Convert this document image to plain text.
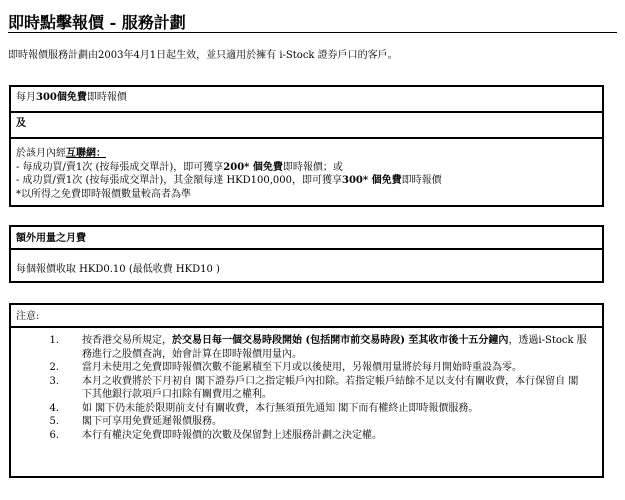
即時點擊報價 - 服務計劃
即時報價服務計劃由2003年4月1日起生效，並只適用於擁有 i-Stock 證券戶口的客戶。
每月300個免費即時報價
及
於該月內經互聯網：
- 每成功買/賣1次 (按每張成交單計)，即可獲享200* 個免費即時報價；或
- 成功買/賣1次 (按每張成交單計)，其金額每達 HKD100,000，即可獲享300* 個免費即時報價
*以所得之免費即時報價數量較高者為準
額外用量之月費
每個報價收取 HKD0.10 (最低收費 HKD10 )
注意:
1. 按香港交易所規定，於交易日每一個交易時段開始 (包括開市前交易時段) 至其收市後十五分鐘內，透過i-Stock 服務進行之股價查詢，始會計算在即時報價用量內。
2. 當月未使用之免費即時報價次數不能累積至下月或以後使用，另報價用量將於每月開始時重設為零。
3. 本月之收費將於下月初自 閣下證券戶口之指定帳戶內扣除。若指定帳戶結餘不足以支付有關收費，本行保留自 閣下其他銀行款項戶口扣除有關費用之權利。
4. 如 閣下仍未能於限期前支付有關收費，本行無須預先通知 閣下而有權終止即時報價服務。
5. 閣下可享用免費延遲報價服務。
6. 本行有權決定免費即時報價的次數及保留對上述服務計劃之決定權。
